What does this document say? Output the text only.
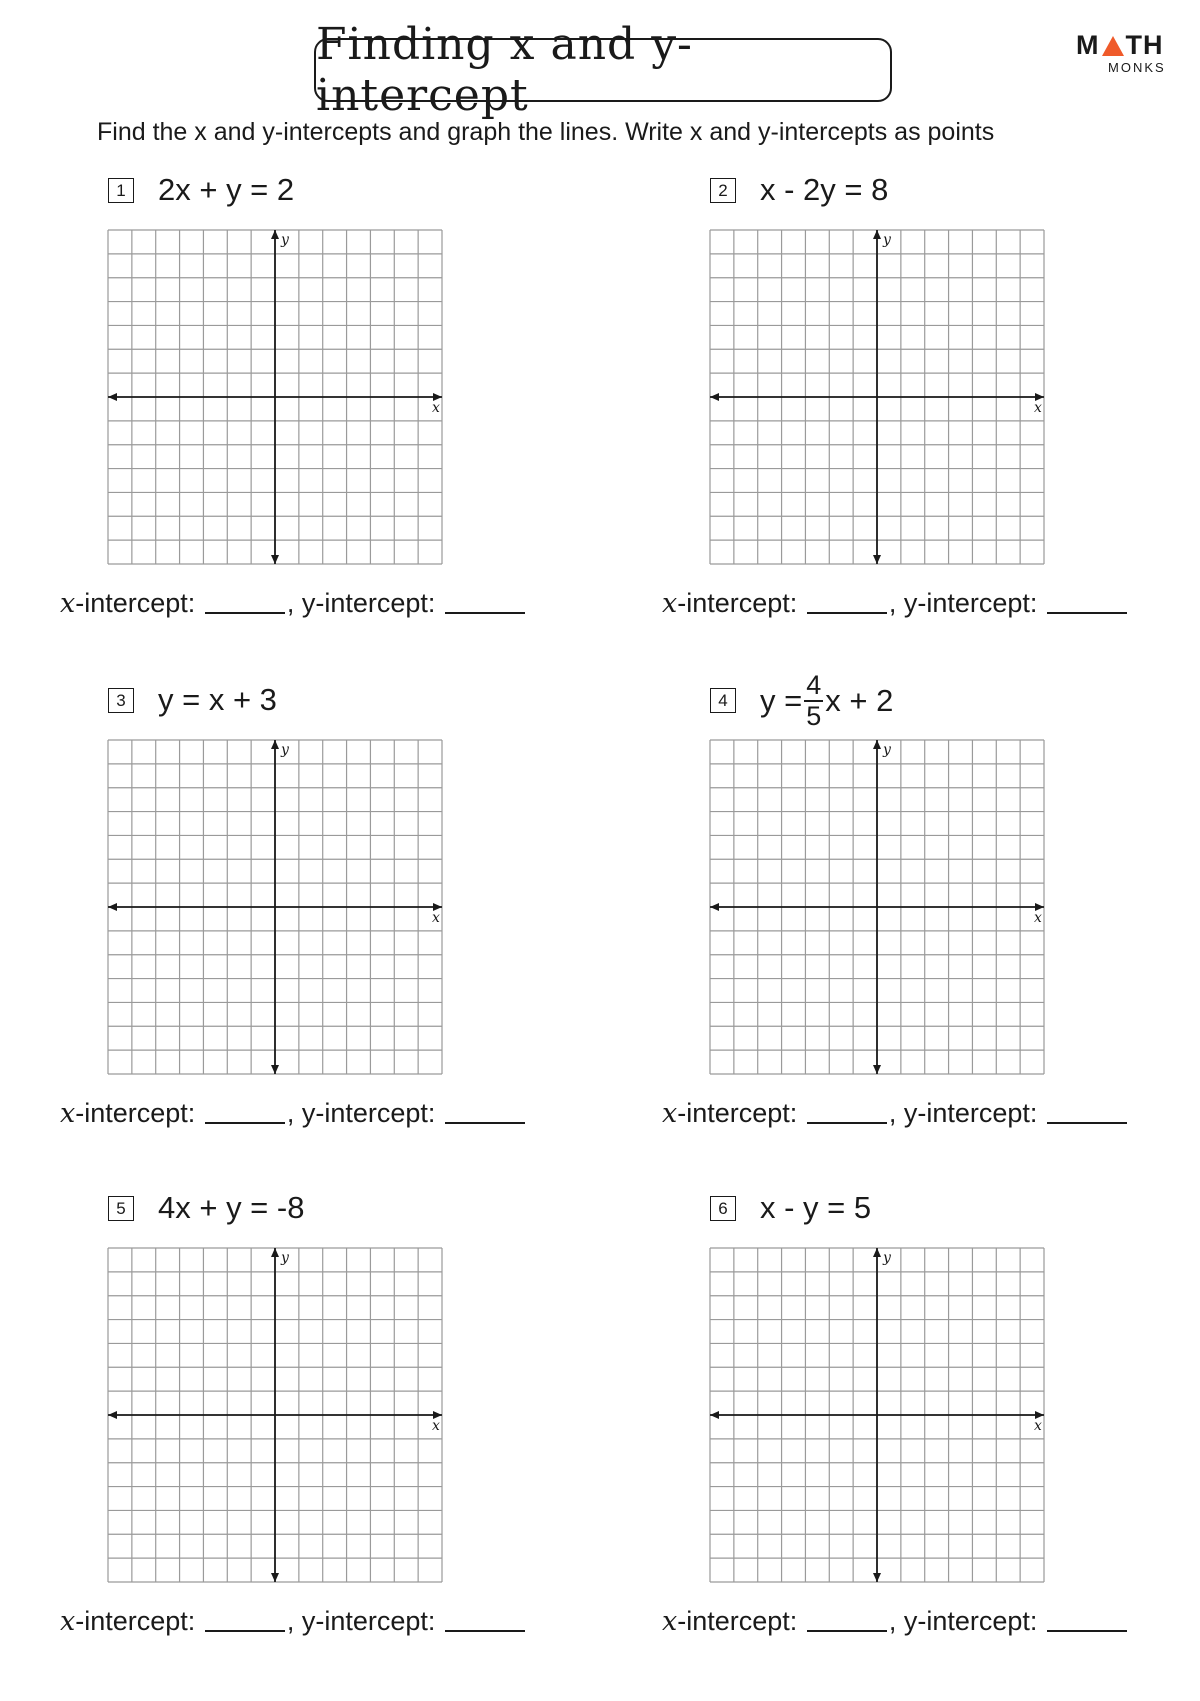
Finding x and y-intercept
M TH
MONKS
Find the x and y-intercepts and graph the lines. Write x and y-intercepts as points
1 2x + y = 2
x
y
x-intercept:	, y-intercept:
2 x - 2y = 8
x
y
x-intercept:	, y-intercept:
3 y = x + 3
x
y
x-intercept:	, y-intercept:
4 $y = \frac{4}{5}$ x + 2
x
y
x-intercept:	, y-intercept:
5 4x + y = -8
x
y
x-intercept:	, y-intercept:
6 x - y = 5
x
y
x-intercept:	, y-intercept:
